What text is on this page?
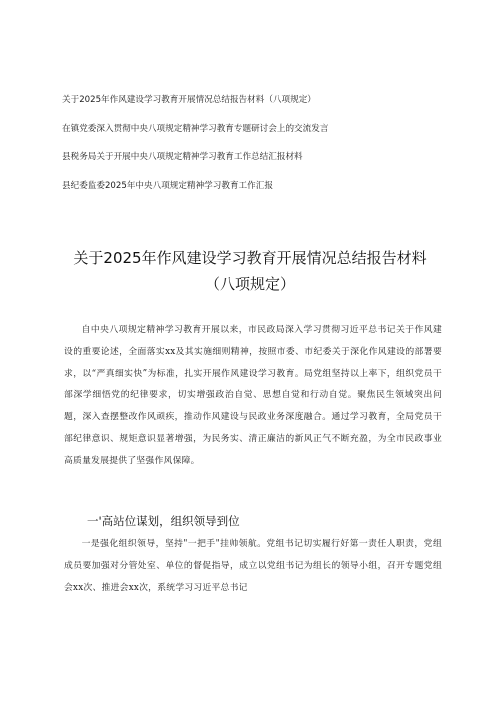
关于2025年作风建设学习教育开展情况总结报告材料（八项规定）
在镇党委深入贯彻中央八项规定精神学习教育专题研讨会上的交流发言
县税务局关于开展中央八项规定精神学习教育工作总结汇报材料
县纪委监委2025年中央八项规定精神学习教育工作汇报
关于2025年作风建设学习教育开展情况总结报告材料
（八项规定）
自中央八项规定精神学习教育开展以来，市民政局深入学习贯彻习近平总书记关于作风建设的重要论述，全面落实xx及其实施细则精神，按照市委、市纪委关于深化作风建设的部署要求，以“严真细实快”为标准，扎实开展作风建设学习教育。局党组坚持以上率下，组织党员干部深学细悟党的纪律要求，切实增强政治自觉、思想自觉和行动自觉。聚焦民生领域突出问题，深入查摆整改作风顽疾，推动作风建设与民政业务深度融合。通过学习教育，全局党员干部纪律意识、规矩意识显著增强，为民务实、清正廉洁的新风正气不断充盈，为全市民政事业高质量发展提供了坚强作风保障。
一'高站位谋划，组织领导到位
一是强化组织领导，坚持"一把手"挂帅领航。党组书记切实履行好第一责任人职责，党组成员要加强对分管处室、单位的督促指导，成立以党组书记为组长的领导小组，召开专题党组会xx次、推进会xx次，系统学习习近平总书记
